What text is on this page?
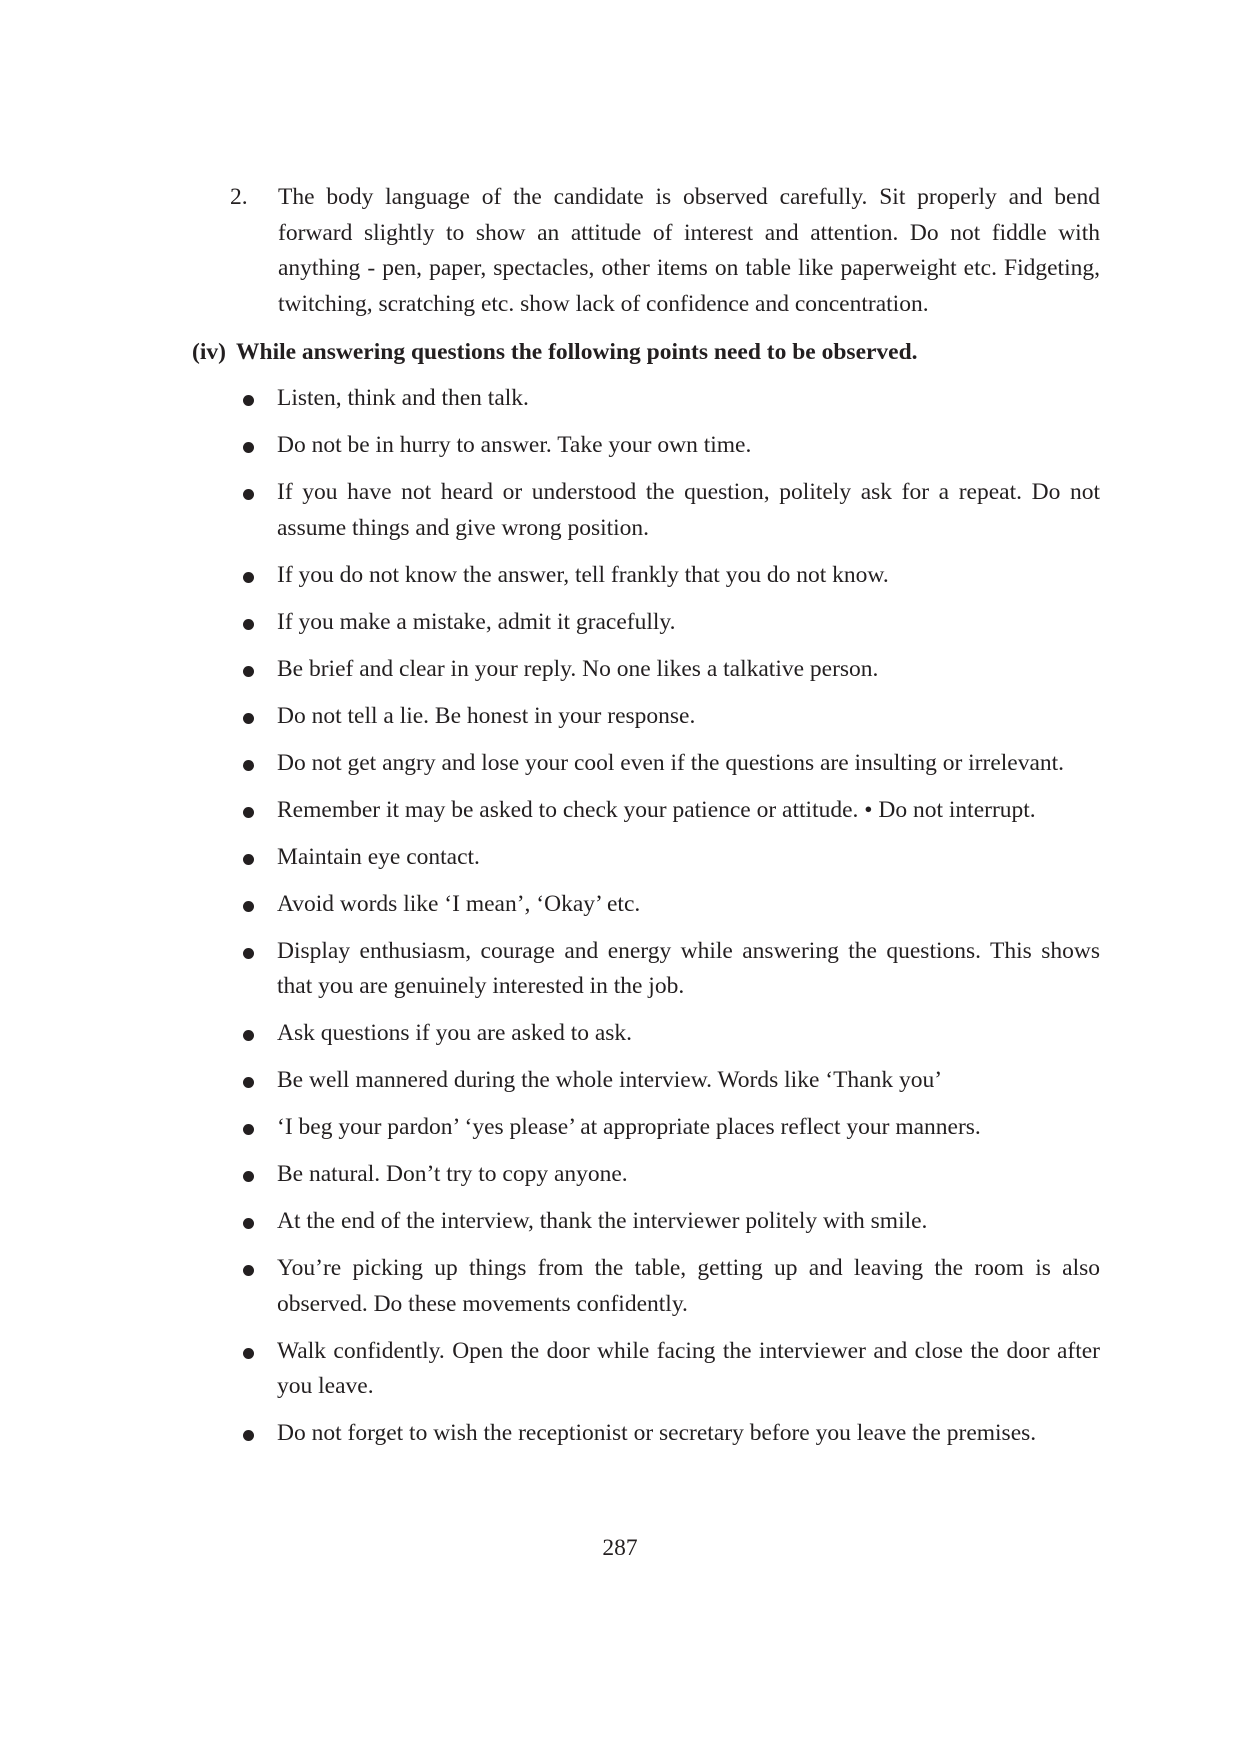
2. The body language of the candidate is observed carefully. Sit properly and bend forward slightly to show an attitude of interest and attention. Do not fiddle with anything - pen, paper, spectacles, other items on table like paperweight etc. Fidgeting, twitching, scratching etc. show lack of confidence and concentration.
(iv) While answering questions the following points need to be observed.
Listen, think and then talk.
Do not be in hurry to answer. Take your own time.
If you have not heard or understood the question, politely ask for a repeat. Do not assume things and give wrong position.
If you do not know the answer, tell frankly that you do not know.
If you make a mistake, admit it gracefully.
Be brief and clear in your reply. No one likes a talkative person.
Do not tell a lie. Be honest in your response.
Do not get angry and lose your cool even if the questions are insulting or irrelevant.
Remember it may be asked to check your patience or attitude. • Do not interrupt.
Maintain eye contact.
Avoid words like ‘I mean’, ‘Okay’ etc.
Display enthusiasm, courage and energy while answering the questions. This shows that you are genuinely interested in the job.
Ask questions if you are asked to ask.
Be well mannered during the whole interview. Words like ‘Thank you’
‘I beg your pardon’ ‘yes please’ at appropriate places reflect your manners.
Be natural. Don’t try to copy anyone.
At the end of the interview, thank the interviewer politely with smile.
You’re picking up things from the table, getting up and leaving the room is also observed. Do these movements confidently.
Walk confidently. Open the door while facing the interviewer and close the door after you leave.
Do not forget to wish the receptionist or secretary before you leave the premises.
287
